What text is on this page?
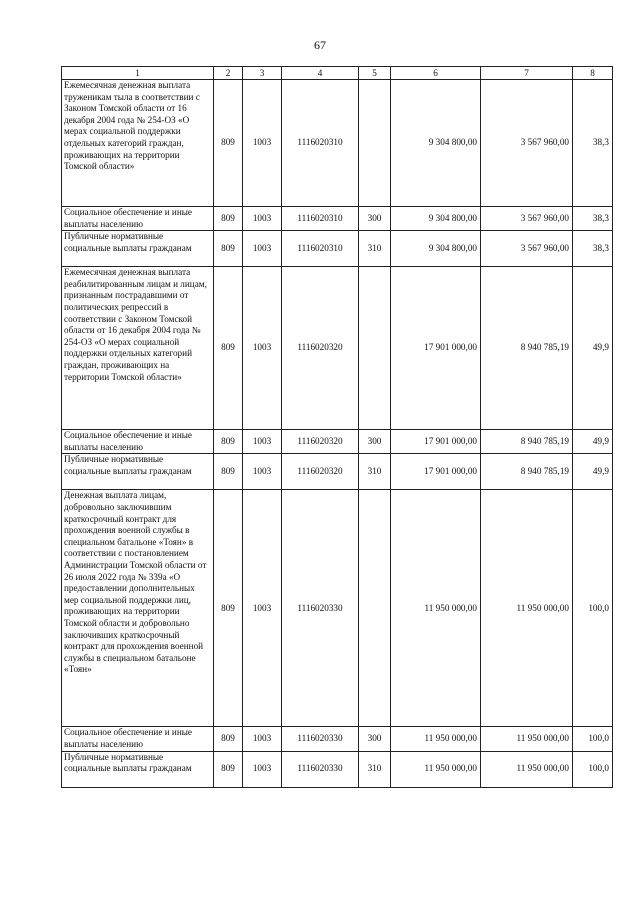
67
1	2	3	4	5	6	7	8
Ежемесячная денежная выплата труженикам тыла в соответствии с Законом Томской области от 16 декабря 2004 года № 254-ОЗ «О мерах социальной поддержки отдельных категорий граждан, проживающих на территории Томской области»	809	1003	1116020310		9 304 800,00	3 567 960,00	38,3
Социальное обеспечение и иные выплаты населению	809	1003	1116020310	300	9 304 800,00	3 567 960,00	38,3
Публичные нормативные социальные выплаты гражданам	809	1003	1116020310	310	9 304 800,00	3 567 960,00	38,3
Ежемесячная денежная выплата реабилитированным лицам и лицам, признанным пострадавшими от политических репрессий в соответствии с Законом Томской области от 16 декабря 2004 года № 254-ОЗ «О мерах социальной поддержки отдельных категорий граждан, проживающих на территории Томской области»	809	1003	1116020320		17 901 000,00	8 940 785,19	49,9
Социальное обеспечение и иные выплаты населению	809	1003	1116020320	300	17 901 000,00	8 940 785,19	49,9
Публичные нормативные социальные выплаты гражданам	809	1003	1116020320	310	17 901 000,00	8 940 785,19	49,9
Денежная выплата лицам, добровольно заключившим краткосрочный контракт для прохождения военной службы в специальном батальоне «Тоян» в соответствии с постановлением Администрации Томской области от 26 июля 2022 года № 339а «О предоставлении дополнительных мер социальной поддержки лиц, проживающих на территории Томской области и добровольно заключивших краткосрочный контракт для прохождения военной службы в специальном батальоне «Тоян»	809	1003	1116020330		11 950 000,00	11 950 000,00	100,0
Социальное обеспечение и иные выплаты населению	809	1003	1116020330	300	11 950 000,00	11 950 000,00	100,0
Публичные нормативные социальные выплаты гражданам	809	1003	1116020330	310	11 950 000,00	11 950 000,00	100,0
